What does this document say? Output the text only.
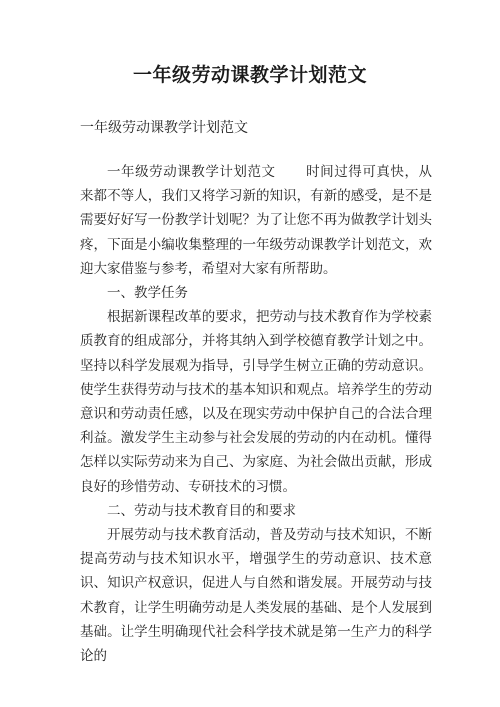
一年级劳动课教学计划范文

一年级劳动课教学计划范文

一年级劳动课教学计划范文 时间过得可真快，从来都不等人，我们又将学习新的知识，有新的感受，是不是需要好好写一份教学计划呢？为了让您不再为做教学计划头疼，下面是小编收集整理的一年级劳动课教学计划范文，欢迎大家借鉴与参考，希望对大家有所帮助。

一、教学任务

根据新课程改革的要求，把劳动与技术教育作为学校素质教育的组成部分，并将其纳入到学校德育教学计划之中。坚持以科学发展观为指导，引导学生树立正确的劳动意识。使学生获得劳动与技术的基本知识和观点。培养学生的劳动意识和劳动责任感，以及在现实劳动中保护自己的合法合理利益。激发学生主动参与社会发展的劳动的内在动机。懂得怎样以实际劳动来为自己、为家庭、为社会做出贡献，形成良好的珍惜劳动、专研技术的习惯。

二、劳动与技术教育目的和要求

开展劳动与技术教育活动，普及劳动与技术知识，不断提高劳动与技术知识水平，增强学生的劳动意识、技术意识、知识产权意识，促进人与自然和谐发展。开展劳动与技术教育，让学生明确劳动是人类发展的基础、是个人发展到基础。让学生明确现代社会科学技术就是第一生产力的科学论的
